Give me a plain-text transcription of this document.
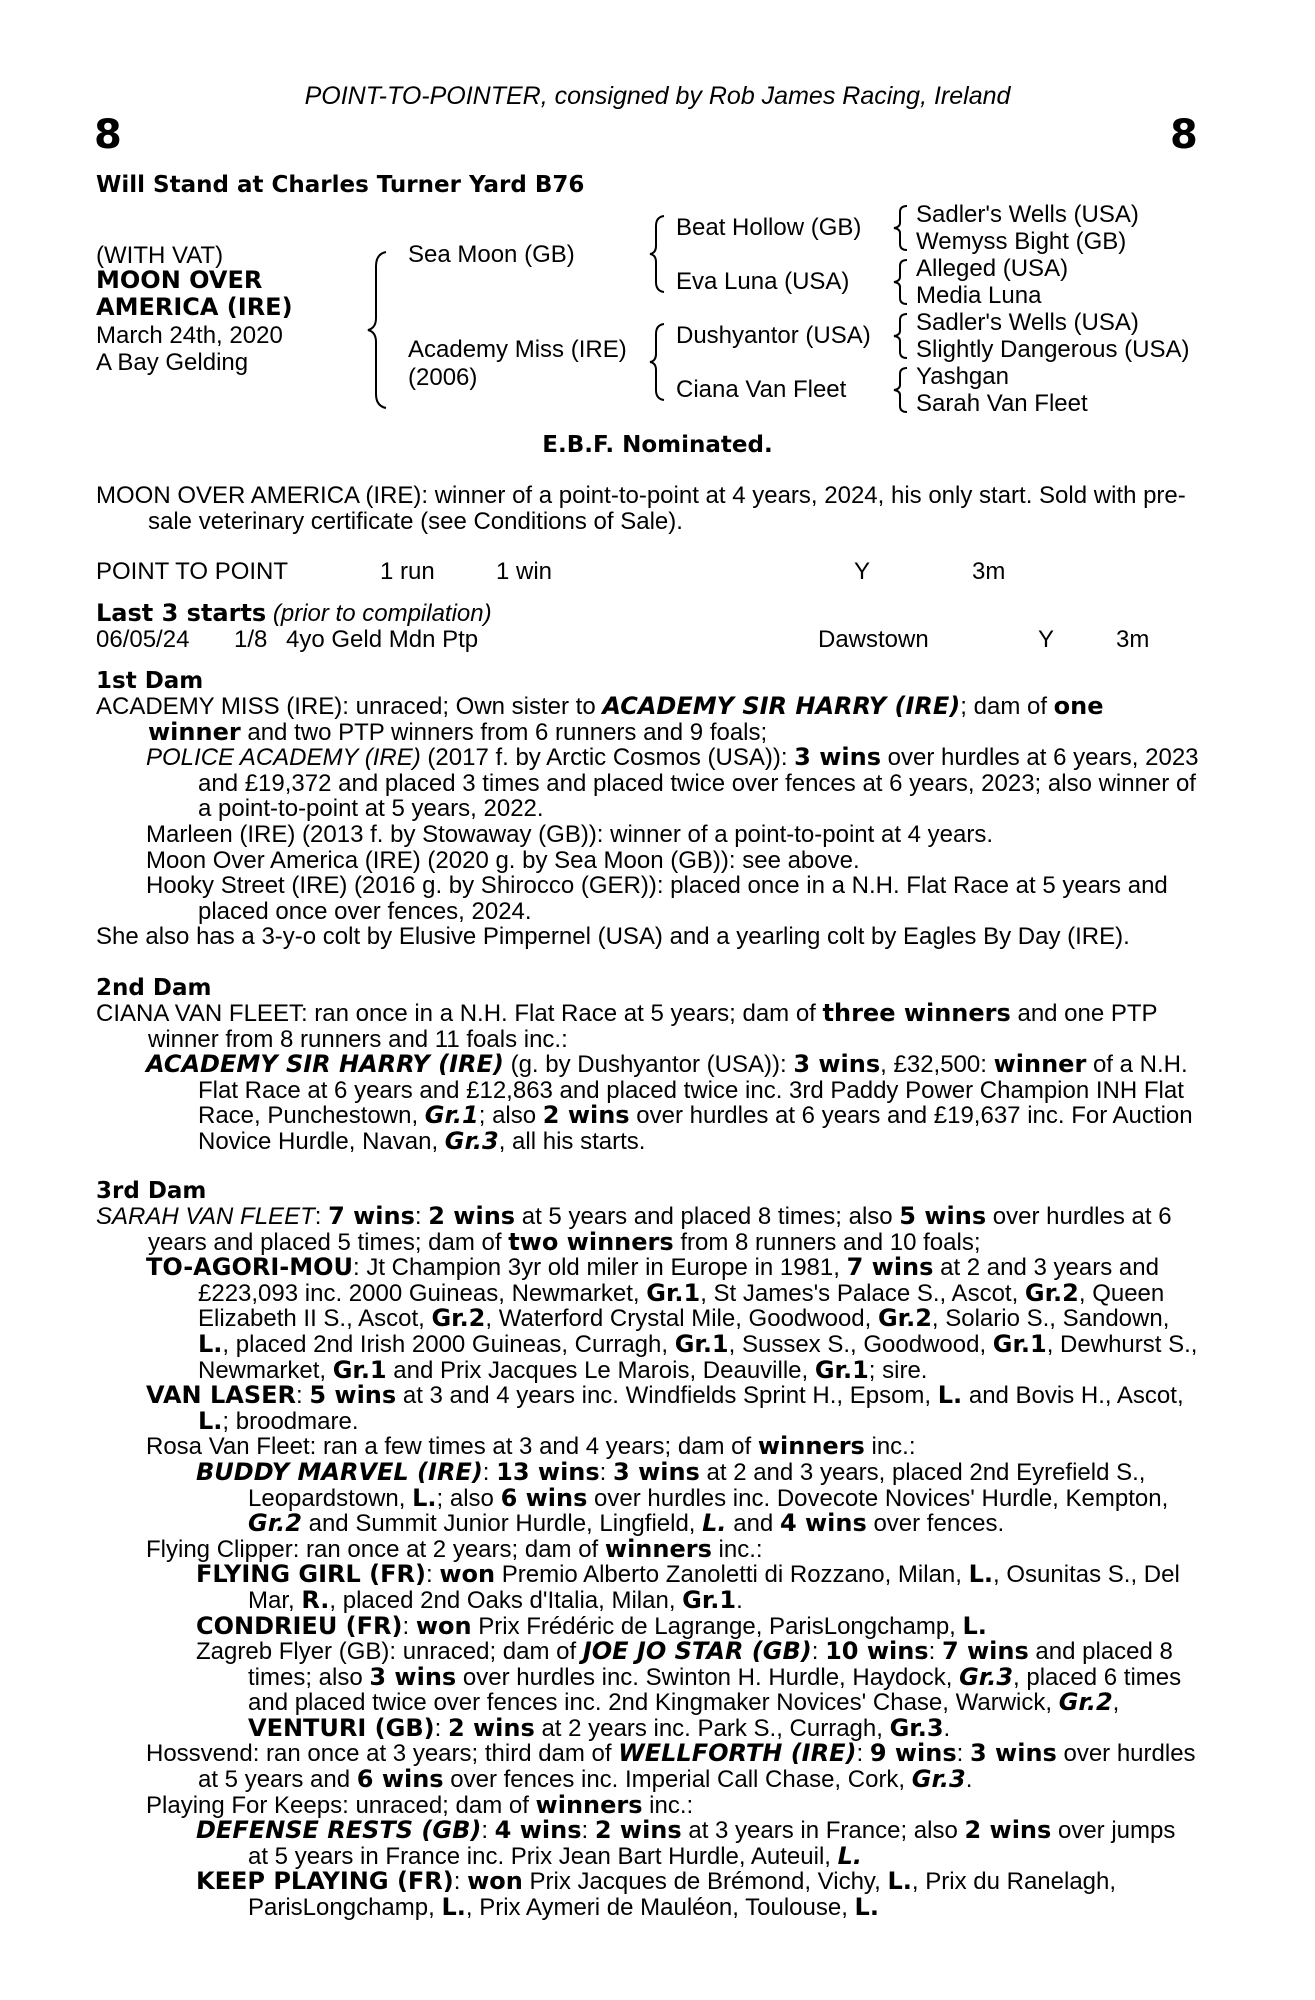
POINT-TO-POINTER, consigned by Rob James Racing, Ireland
8	8
Will Stand at Charles Turner Yard B76
(WITH VAT)
MOON OVER
AMERICA (IRE)
March 24th, 2020
A Bay Gelding
Sea Moon (GB)
Academy Miss (IRE)
(2006)
Beat Hollow (GB)
Eva Luna (USA)
Dushyantor (USA)
Ciana Van Fleet
Sadler's Wells (USA)
Wemyss Bight (GB)
Alleged (USA)
Media Luna
Sadler's Wells (USA)
Slightly Dangerous (USA)
Yashgan
Sarah Van Fleet
E.B.F. Nominated.

MOON OVER AMERICA (IRE): winner of a point-to-point at 4 years, 2024, his only start. Sold with pre-sale veterinary certificate (see Conditions of Sale).

POINT TO POINT	1 run	1 win	Y	3m
Last 3 starts (prior to compilation)
06/05/24 1/8 4yo Geld Mdn Ptp	Dawstown	Y	3m

1st Dam

ACADEMY MISS (IRE): unraced; Own sister to ACADEMY SIR HARRY (IRE); dam of one winner and two PTP winners from 6 runners and 9 foals;

POLICE ACADEMY (IRE) (2017 f. by Arctic Cosmos (USA)): 3 wins over hurdles at 6 years, 2023 and £19,372 and placed 3 times and placed twice over fences at 6 years, 2023; also winner of a point-to-point at 5 years, 2022.

Marleen (IRE) (2013 f. by Stowaway (GB)): winner of a point-to-point at 4 years.

Moon Over America (IRE) (2020 g. by Sea Moon (GB)): see above.

Hooky Street (IRE) (2016 g. by Shirocco (GER)): placed once in a N.H. Flat Race at 5 years and placed once over fences, 2024.

She also has a 3-y-o colt by Elusive Pimpernel (USA) and a yearling colt by Eagles By Day (IRE).

2nd Dam

CIANA VAN FLEET: ran once in a N.H. Flat Race at 5 years; dam of three winners and one PTP winner from 8 runners and 11 foals inc.:

ACADEMY SIR HARRY (IRE) (g. by Dushyantor (USA)): 3 wins, £32,500: winner of a N.H. Flat Race at 6 years and £12,863 and placed twice inc. 3rd Paddy Power Champion INH Flat Race, Punchestown, Gr.1; also 2 wins over hurdles at 6 years and £19,637 inc. For Auction Novice Hurdle, Navan, Gr.3, all his starts.

3rd Dam

SARAH VAN FLEET: 7 wins: 2 wins at 5 years and placed 8 times; also 5 wins over hurdles at 6 years and placed 5 times; dam of two winners from 8 runners and 10 foals;

TO-AGORI-MOU: Jt Champion 3yr old miler in Europe in 1981, 7 wins at 2 and 3 years and £223,093 inc. 2000 Guineas, Newmarket, Gr.1, St James's Palace S., Ascot, Gr.2, Queen Elizabeth II S., Ascot, Gr.2, Waterford Crystal Mile, Goodwood, Gr.2, Solario S., Sandown, L., placed 2nd Irish 2000 Guineas, Curragh, Gr.1, Sussex S., Goodwood, Gr.1, Dewhurst S., Newmarket, Gr.1 and Prix Jacques Le Marois, Deauville, Gr.1; sire.

VAN LASER: 5 wins at 3 and 4 years inc. Windfields Sprint H., Epsom, L. and Bovis H., Ascot, L.; broodmare.

Rosa Van Fleet: ran a few times at 3 and 4 years; dam of winners inc.:

BUDDY MARVEL (IRE): 13 wins: 3 wins at 2 and 3 years, placed 2nd Eyrefield S., Leopardstown, L.; also 6 wins over hurdles inc. Dovecote Novices' Hurdle, Kempton, Gr.2 and Summit Junior Hurdle, Lingfield, L. and 4 wins over fences.

Flying Clipper: ran once at 2 years; dam of winners inc.:

FLYING GIRL (FR): won Premio Alberto Zanoletti di Rozzano, Milan, L., Osunitas S., Del Mar, R., placed 2nd Oaks d'Italia, Milan, Gr.1.

CONDRIEU (FR): won Prix Frédéric de Lagrange, ParisLongchamp, L.

Zagreb Flyer (GB): unraced; dam of JOE JO STAR (GB): 10 wins: 7 wins and placed 8 times; also 3 wins over hurdles inc. Swinton H. Hurdle, Haydock, Gr.3, placed 6 times and placed twice over fences inc. 2nd Kingmaker Novices' Chase, Warwick, Gr.2, VENTURI (GB): 2 wins at 2 years inc. Park S., Curragh, Gr.3.

Hossvend: ran once at 3 years; third dam of WELLFORTH (IRE): 9 wins: 3 wins over hurdles at 5 years and 6 wins over fences inc. Imperial Call Chase, Cork, Gr.3.

Playing For Keeps: unraced; dam of winners inc.:

DEFENSE RESTS (GB): 4 wins: 2 wins at 3 years in France; also 2 wins over jumps at 5 years in France inc. Prix Jean Bart Hurdle, Auteuil, L.

KEEP PLAYING (FR): won Prix Jacques de Brémond, Vichy, L., Prix du Ranelagh, ParisLongchamp, L., Prix Aymeri de Mauléon, Toulouse, L.
